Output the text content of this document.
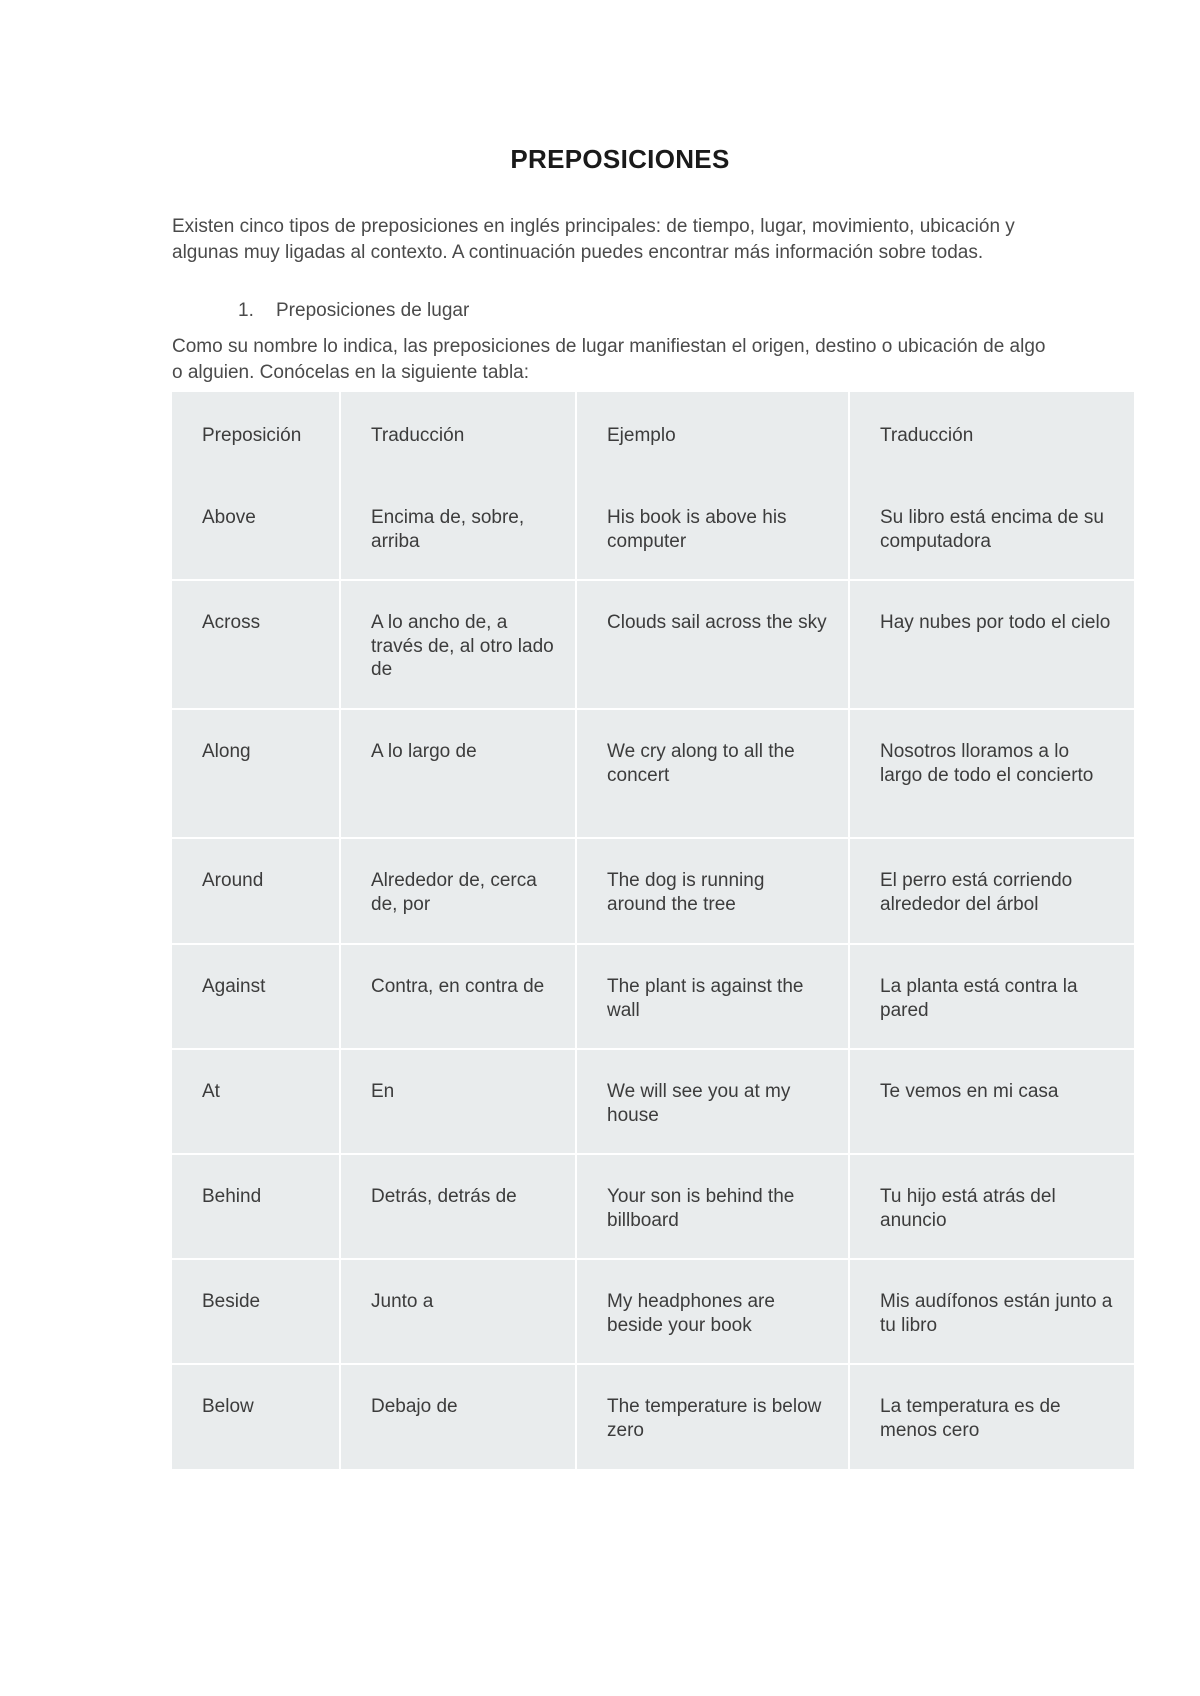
PREPOSICIONES
Existen cinco tipos de preposiciones en inglés principales: de tiempo, lugar, movimiento, ubicación y algunas muy ligadas al contexto. A continuación puedes encontrar más información sobre todas.
1. Preposiciones de lugar
Como su nombre lo indica, las preposiciones de lugar manifiestan el origen, destino o ubicación de algo o alguien. Conócelas en la siguiente tabla:
Preposición	Traducción	Ejemplo	Traducción
Above	Encima de, sobre, arriba	His book is above his computer	Su libro está encima de su computadora
Across	A lo ancho de, a través de, al otro lado de	Clouds sail across the sky	Hay nubes por todo el cielo
Along	A lo largo de	We cry along to all the concert	Nosotros lloramos a lo largo de todo el concierto
Around	Alrededor de, cerca de, por	The dog is running around the tree	El perro está corriendo alrededor del árbol
Against	Contra, en contra de	The plant is against the wall	La planta está contra la pared
At	En	We will see you at my house	Te vemos en mi casa
Behind	Detrás, detrás de	Your son is behind the billboard	Tu hijo está atrás del anuncio
Beside	Junto a	My headphones are beside your book	Mis audífonos están junto a tu libro
Below	Debajo de	The temperature is below zero	La temperatura es de menos cero
